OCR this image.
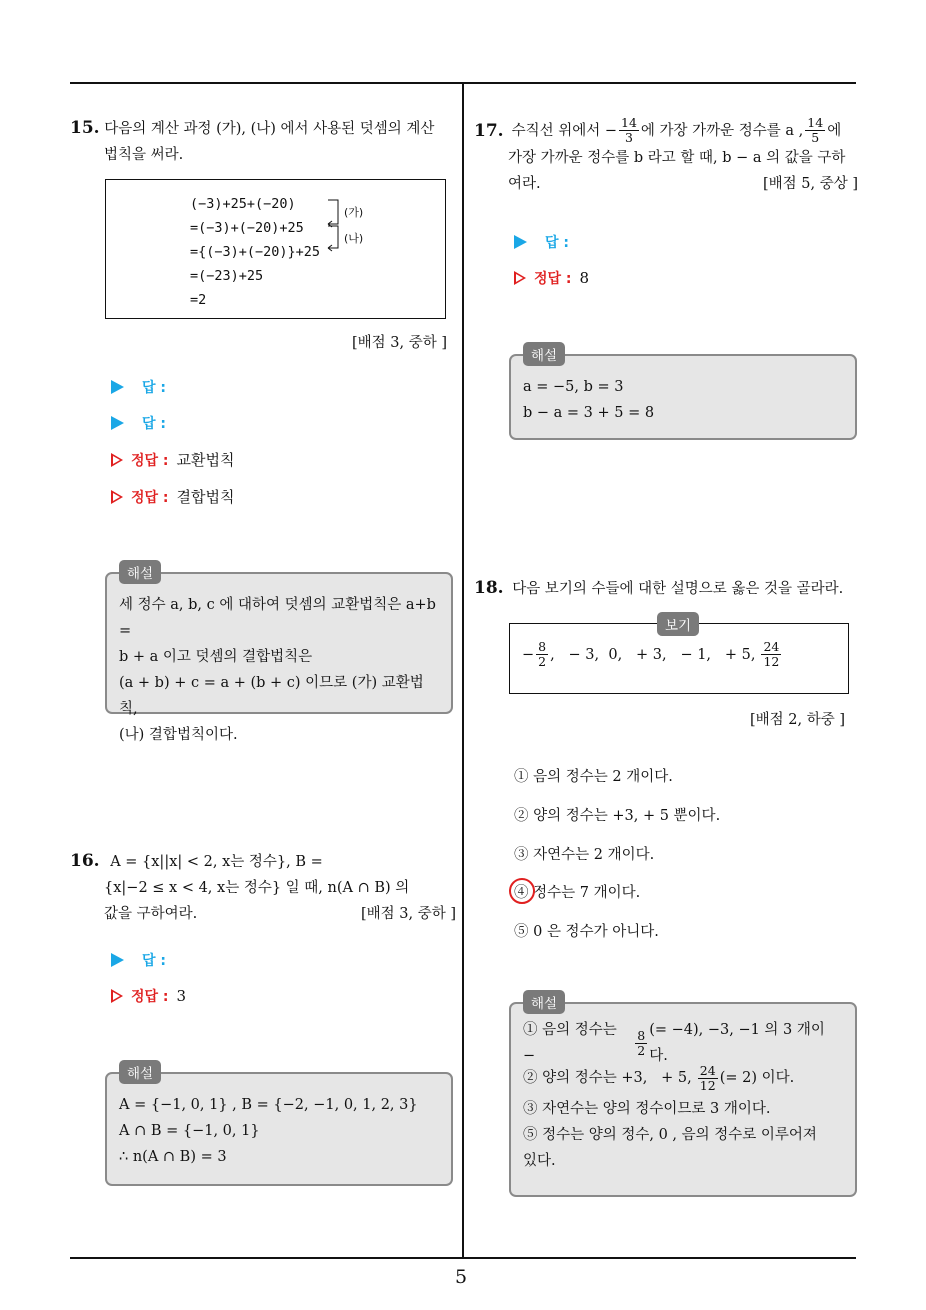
5
15. 다음의 계산 과정 (가), (나) 에서 사용된 덧셈의 계산
법칙을 써라.
(−3)+25+(−20)
=(−3)+(−20)+25
={(−3)+(−20)}+25
=(−23)+25
=2
(가)
(나)
[배점 3, 중하 ]
답 :
답 :
정답 : 교환법칙
정답 : 결합법칙
세 정수 a, b, c 에 대하여 덧셈의 교환법칙은 a+b =
b + a 이고 덧셈의 결합법칙은
(a + b) + c = a + (b + c) 이므로 (가) 교환법칙,
(나) 결합법칙이다.
해설
16. A = {x||x| < 2, x는 정수}, B =
{x|−2 ≤ x < 4, x는 정수} 일 때, n(A ∩ B) 의
값을 구하여라.	[배점 3, 중하 ]
답 :
정답 : 3
A = {−1, 0, 1} , B = {−2, −1, 0, 1, 2, 3}
A ∩ B = {−1, 0, 1}
∴ n(A ∩ B) = 3
해설
17. 수직선 위에서 − $\frac{14}{3}$ 에 가장 가까운 정수를 a , $\frac{14}{5}$ 에
가장 가까운 정수를 b 라고 할 때, b − a 의 값을 구하
여라.	[배점 5, 중상 ]
답 :
정답 : 8
a = −5, b = 3
b − a = 3 + 5 = 8
해설
18. 다음 보기의 수들에 대한 설명으로 옳은 것을 골라라.
− $\frac{8}{2}$ ,   − 3,  0,   + 3,   − 1,   + 5, $\frac{24}{12}$
보기
[배점 2, 하중 ]
① 음의 정수는 2 개이다.
② 양의 정수는 +3, + 5 뿐이다.
③ 자연수는 2 개이다.
④ 정수는 7 개이다.
⑤ 0 은 정수가 아니다.
① 음의 정수는 −	$\frac{8}{2}$ (= −4), −3, −1 의 3 개이다.
② 양의 정수는 +3,   + 5, $\frac{24}{12}$ (= 2) 이다.
③ 자연수는 양의 정수이므로 3 개이다.
⑤ 정수는 양의 정수, 0 , 음의 정수로 이루어져
있다.
해설
